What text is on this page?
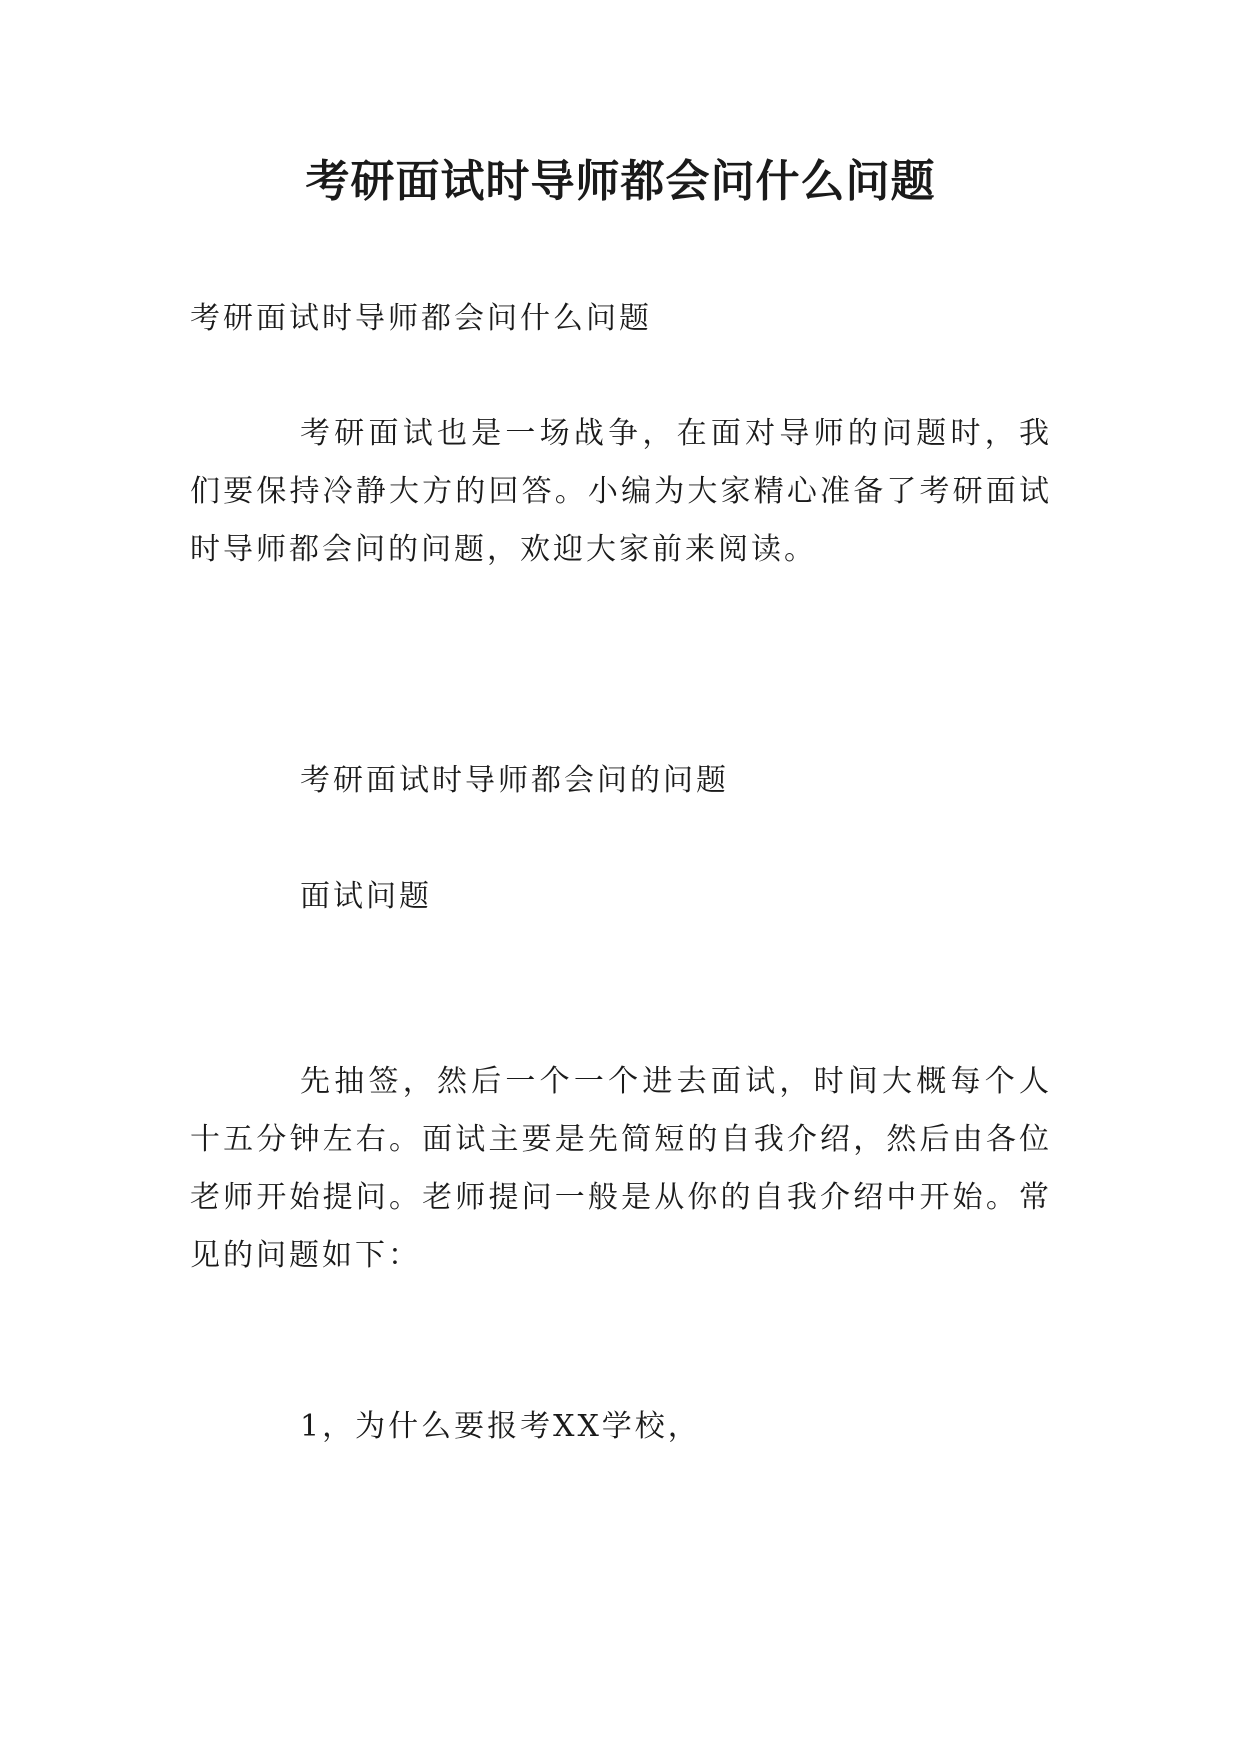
考研面试时导师都会问什么问题

考研面试时导师都会问什么问题

考研面试也是一场战争，在面对导师的问题时，我们要保持冷静大方的回答。小编为大家精心准备了考研面试时导师都会问的问题，欢迎大家前来阅读。

考研面试时导师都会问的问题

面试问题

先抽签，然后一个一个进去面试，时间大概每个人十五分钟左右。面试主要是先简短的自我介绍，然后由各位老师开始提问。老师提问一般是从你的自我介绍中开始。常见的问题如下：

1，为什么要报考XX学校，
